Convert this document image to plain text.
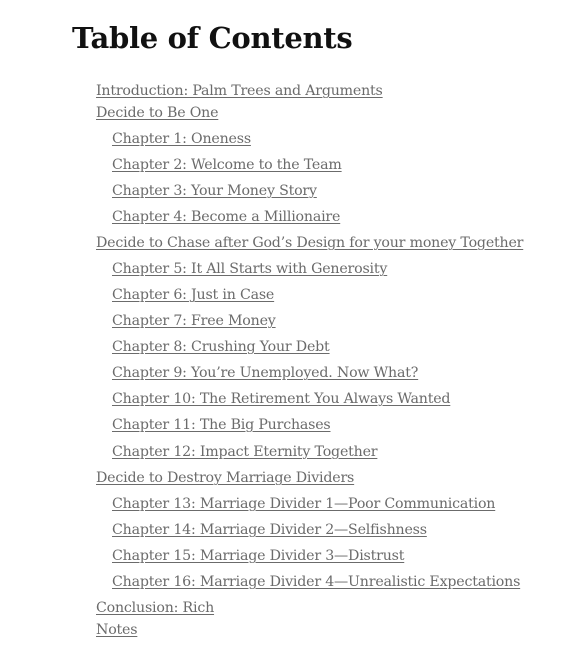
Table of Contents
Introduction: Palm Trees and Arguments
Decide to Be One
Chapter 1: Oneness
Chapter 2: Welcome to the Team
Chapter 3: Your Money Story
Chapter 4: Become a Millionaire
Decide to Chase after God’s Design for your money Together
Chapter 5: It All Starts with Generosity
Chapter 6: Just in Case
Chapter 7: Free Money
Chapter 8: Crushing Your Debt
Chapter 9: You’re Unemployed. Now What?
Chapter 10: The Retirement You Always Wanted
Chapter 11: The Big Purchases
Chapter 12: Impact Eternity Together
Decide to Destroy Marriage Dividers
Chapter 13: Marriage Divider 1—Poor Communication
Chapter 14: Marriage Divider 2—Selfishness
Chapter 15: Marriage Divider 3—Distrust
Chapter 16: Marriage Divider 4—Unrealistic Expectations
Conclusion: Rich
Notes
